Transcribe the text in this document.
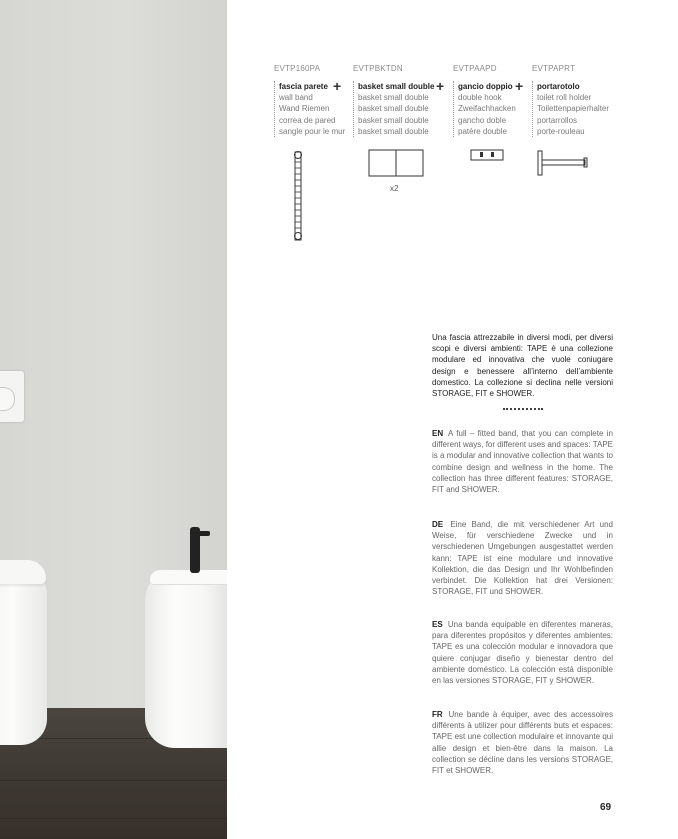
EVTP160PA
fascia parete
wall band
Wand Riemen
correa de pared
sangle pour le mur
+
EVTPBKTDN
basket small double
basket small double
basket small double
basket small double
basket small double
+
EVTPAAPD
gancio doppio
double hook
Zweifachhacken
gancho doble
patère double
+
EVTPAPRT
portarotolo
toilet roll holder
Toilettenpapierhalter
portarrollos
porte-rouleau
x2
Una fascia attrezzabile in diversi modi, per diversi scopi e diversi ambienti: TAPE è una collezione modulare ed innovativa che vuole coniugare design e benessere all’interno dell’ambiente domestico. La collezione si declina nelle versioni STORAGE, FIT e SHOWER.
EN A full – fitted band, that you can complete in different ways, for different uses and spaces: TAPE is a modular and innovative collection that wants to combine design and wellness in the home. The collection has three different features: STORAGE, FIT and SHOWER.
DE Eine Band, die mit verschiedener Art und Weise, für verschiedene Zwecke und in verschiedenen Umgebungen ausgestattet werden kann: TAPE ist eine modulare und innovative Kollektion, die das Design und Ihr Wohlbefinden verbindet. Die Kollektion hat drei Versionen: STORAGE, FIT und SHOWER.
ES Una banda equipable en diferentes maneras, para diferentes propósitos y diferentes ambientes: TAPE es una colección modular e innovadora que quiere conjugar diseño y bienestar dentro del ambiente doméstico. La colección está disponible en las versiones STORAGE, FIT y SHOWER.
FR Une bande à équiper, avec des accessoires différents à utilizer pour différents buts et espaces: TAPE est une collection modulaire et innovante qui allie design et bien-être dans la maison. La collection se décline dans les versions STORAGE, FIT et SHOWER.
69
